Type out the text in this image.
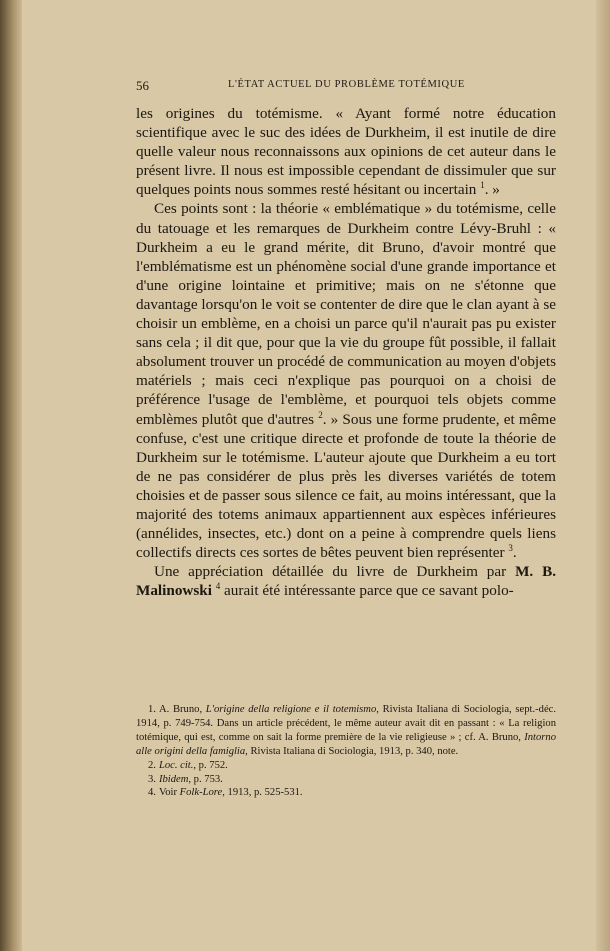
56	L'ÉTAT ACTUEL DU PROBLÈME TOTÉMIQUE

les origines du totémisme. « Ayant formé notre éducation scientifique avec le suc des idées de Durkheim, il est inutile de dire quelle valeur nous reconnaissons aux opinions de cet auteur dans le présent livre. Il nous est impossible cependant de dissimuler que sur quelques points nous sommes resté hésitant ou incertain $^1$. »

Ces points sont : la théorie « emblématique » du totémisme, celle du tatouage et les remarques de Durkheim contre Lévy-Bruhl : « Durkheim a eu le grand mérite, dit Bruno, d'avoir montré que l'emblématisme est un phénomène social d'une grande importance et d'une origine lointaine et primitive; mais on ne s'étonne que davantage lorsqu'on le voit se contenter de dire que le clan ayant à se choisir un emblème, en a choisi un parce qu'il n'aurait pas pu exister sans cela ; il dit que, pour que la vie du groupe fût possible, il fallait absolument trouver un procédé de communication au moyen d'objets matériels ; mais ceci n'explique pas pourquoi on a choisi de préférence l'usage de l'emblème, et pourquoi tels objets comme emblèmes plutôt que d'autres $^2$. » Sous une forme prudente, et même confuse, c'est une critique directe et profonde de toute la théorie de Durkheim sur le totémisme. L'auteur ajoute que Durkheim a eu tort de ne pas considérer de plus près les diverses variétés de totem choisies et de passer sous silence ce fait, au moins intéressant, que la majorité des totems animaux appartiennent aux espèces inférieures (annélides, insectes, etc.) dont on a peine à comprendre quels liens collectifs directs ces sortes de bêtes peuvent bien représenter $^3$.

Une appréciation détaillée du livre de Durkheim par M. B. Malinowski $^4$ aurait été intéressante parce que ce savant polo-

1. A. Bruno, L'origine della religione e il totemismo, Rivista Italiana di Sociologia, sept.-déc. 1914, p. 749-754. Dans un article précédent, le même auteur avait dit en passant : « La religion totémique, qui est, comme on sait la forme première de la vie religieuse » ; cf. A. Bruno, Intorno alle origini della famiglia, Rivista Italiana di Sociologia, 1913, p. 340, note.

2. Loc. cit., p. 752.

3. Ibidem, p. 753.

4. Voir Folk-Lore, 1913, p. 525-531.
